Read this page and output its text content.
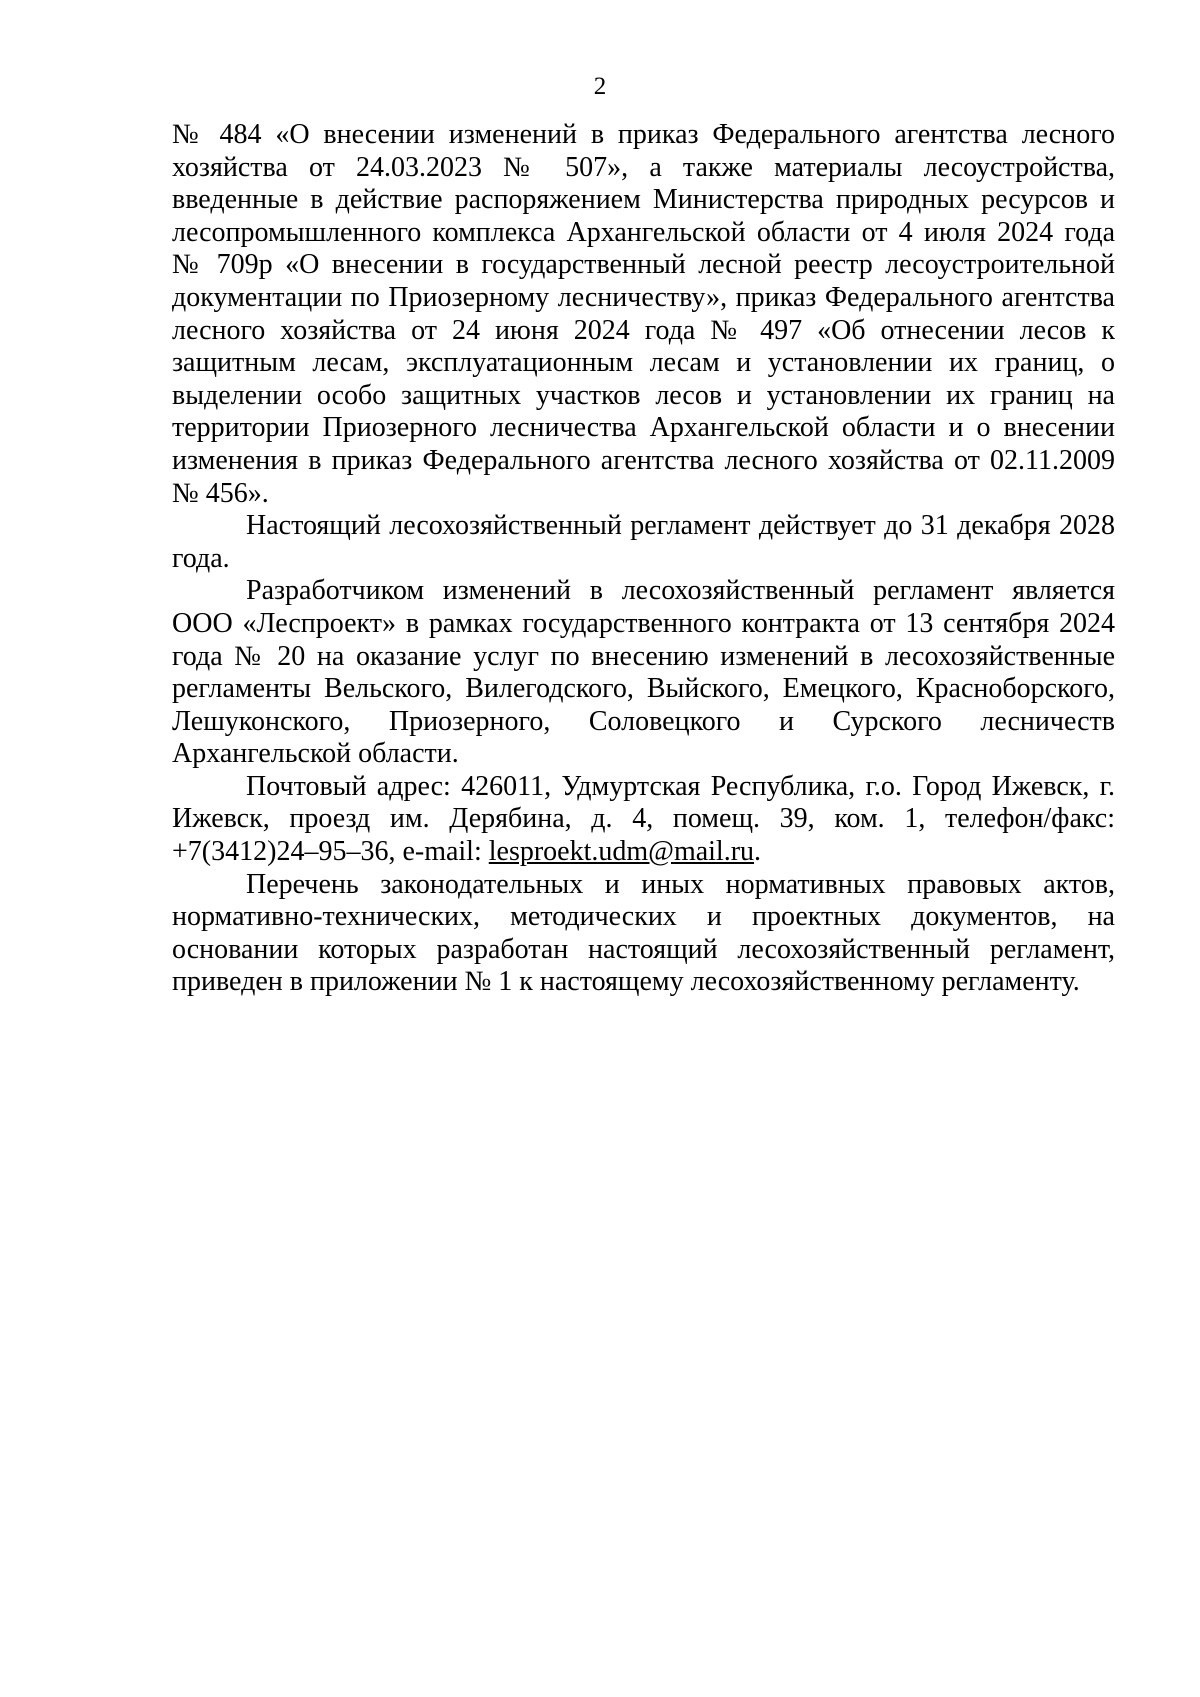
2

№ 484 «О внесении изменений в приказ Федерального агентства лесного хозяйства от 24.03.2023 № 507», а также материалы лесоустройства, введенные в действие распоряжением Министерства природных ресурсов и лесопромышленного комплекса Архангельской области от 4 июля 2024 года № 709р «О внесении в государственный лесной реестр лесоустроительной документации по Приозерному лесничеству», приказ Федерального агентства лесного хозяйства от 24 июня 2024 года № 497 «Об отнесении лесов к защитным лесам, эксплуатационным лесам и установлении их границ, о выделении особо защитных участков лесов и установлении их границ на территории Приозерного лесничества Архангельской области и о внесении изменения в приказ Федерального агентства лесного хозяйства от 02.11.2009 № 456».

Настоящий лесохозяйственный регламент действует до 31 декабря 2028 года.

Разработчиком изменений в лесохозяйственный регламент является ООО «Леспроект» в рамках государственного контракта от 13 сентября 2024 года № 20 на оказание услуг по внесению изменений в лесохозяйственные регламенты Вельского, Вилегодского, Выйского, Емецкого, Красноборского, Лешуконского, Приозерного, Соловецкого и Сурского лесничеств Архангельской области.

Почтовый адрес: 426011, Удмуртская Республика, г.о. Город Ижевск, г. Ижевск, проезд им. Дерябина, д. 4, помещ. 39, ком. 1, телефон/факс: +7(3412)24–95–36, e-mail: lesproekt.udm@mail.ru.

Перечень законодательных и иных нормативных правовых актов, нормативно-технических, методических и проектных документов, на основании которых разработан настоящий лесохозяйственный регламент, приведен в приложении № 1 к настоящему лесохозяйственному регламенту.
